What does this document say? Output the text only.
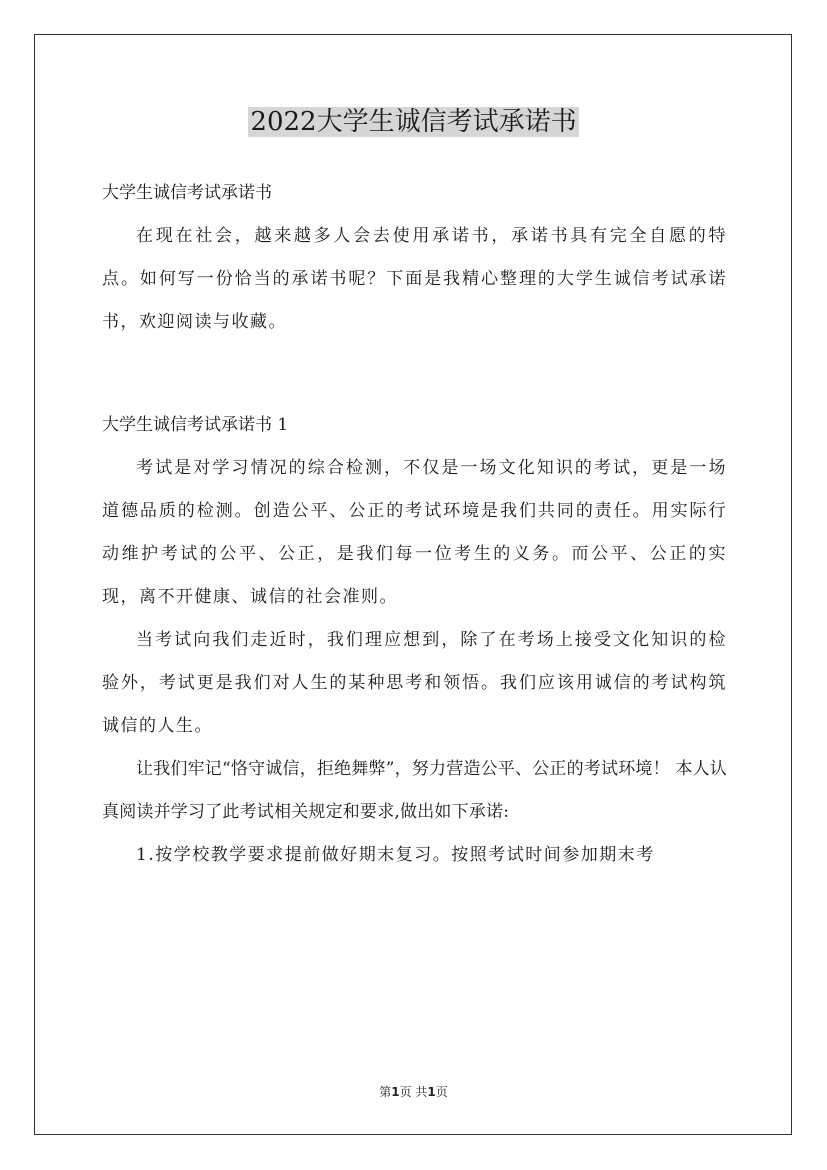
2022大学生诚信考试承诺书

大学生诚信考试承诺书

在现在社会，越来越多人会去使用承诺书，承诺书具有完全自愿的特点。如何写一份恰当的承诺书呢？下面是我精心整理的大学生诚信考试承诺书，欢迎阅读与收藏。

大学生诚信考试承诺书 1

考试是对学习情况的综合检测，不仅是一场文化知识的考试，更是一场道德品质的检测。创造公平、公正的考试环境是我们共同的责任。用实际行动维护考试的公平、公正，是我们每一位考生的义务。而公平、公正的实现，离不开健康、诚信的社会准则。

当考试向我们走近时，我们理应想到，除了在考场上接受文化知识的检验外，考试更是我们对人生的某种思考和领悟。我们应该用诚信的考试构筑诚信的人生。

让我们牢记“恪守诚信，拒绝舞弊”，努力营造公平、公正的考试环境！ 本人认真阅读并学习了此考试相关规定和要求,做出如下承诺:

1.按学校教学要求提前做好期末复习。按照考试时间参加期末考

第1页 共1页
